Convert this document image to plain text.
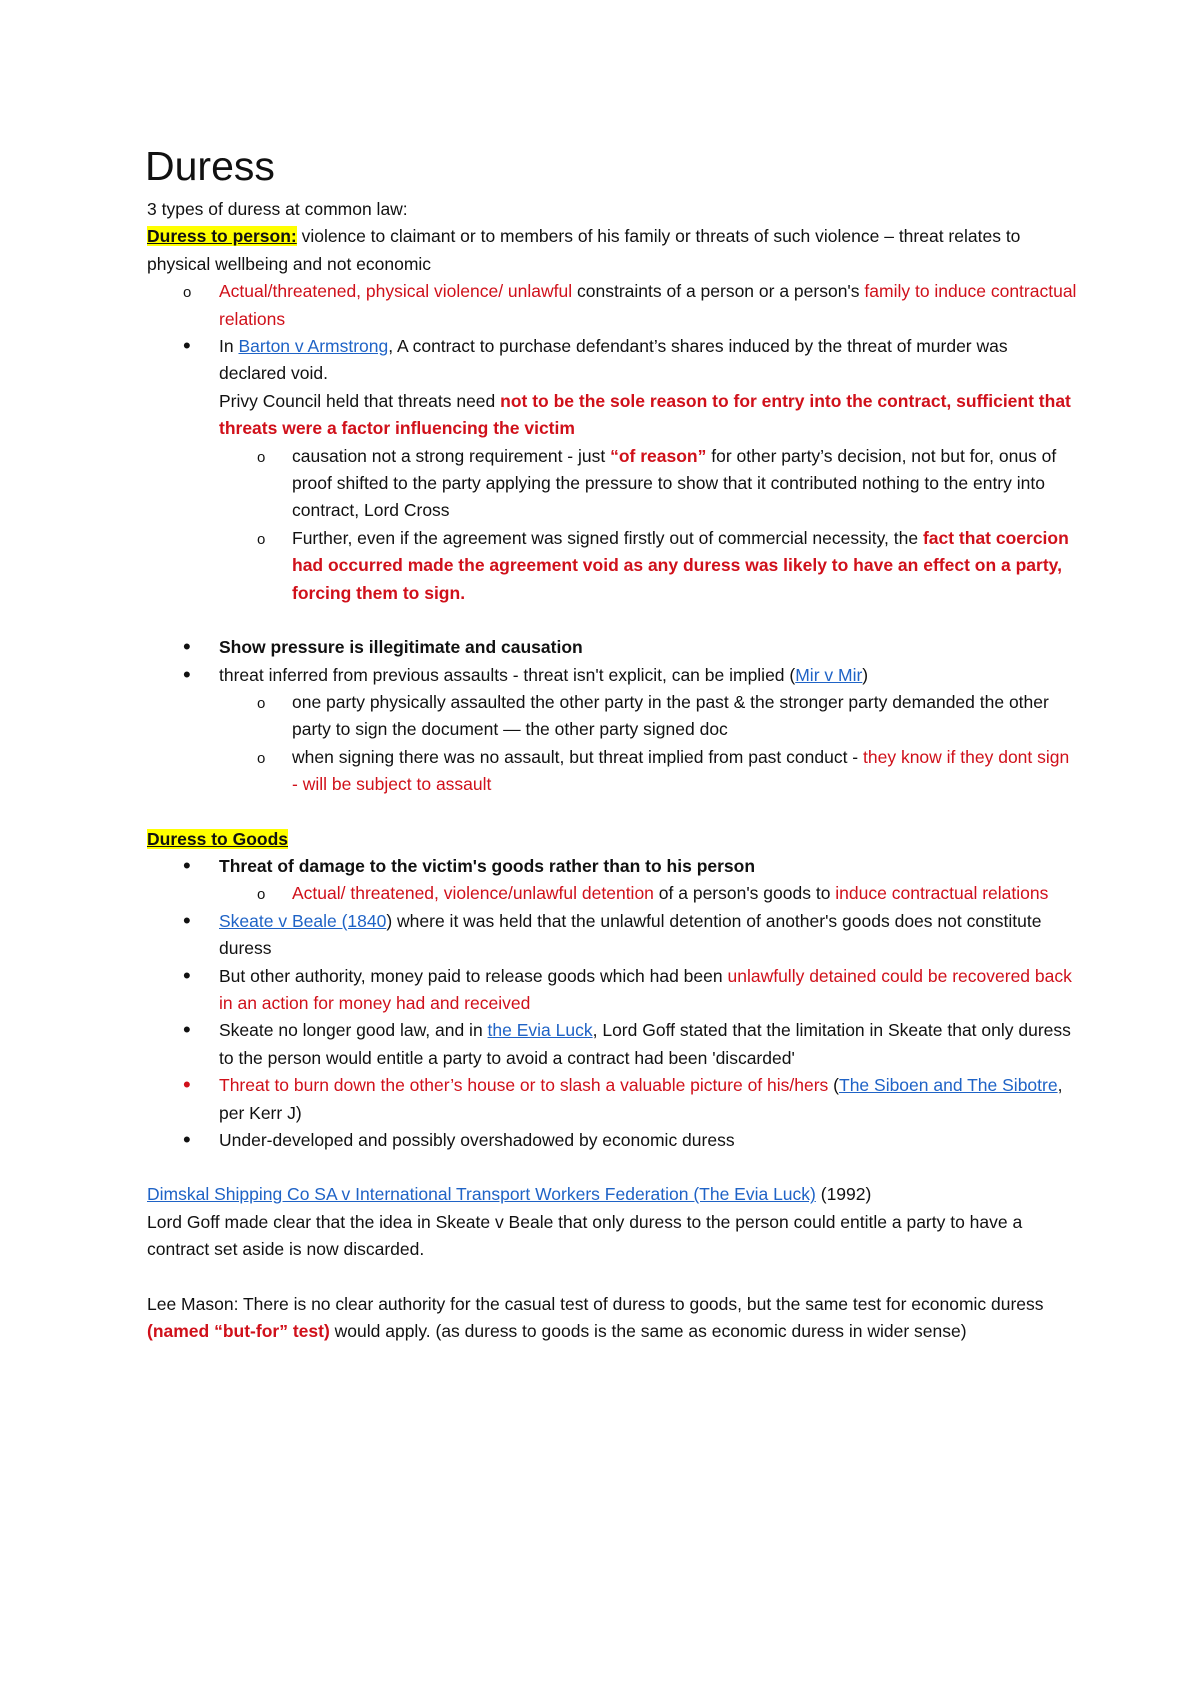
Duress

3 types of duress at common law:

Duress to person: violence to claimant or to members of his family or threats of such violence – threat relates to physical wellbeing and not economic

o
Actual/threatened, physical violence/ unlawful constraints of a person or a person's family to induce contractual relations

•
In Barton v Armstrong, A contract to purchase defendant’s shares induced by the threat of murder was declared void.
Privy Council held that threats need not to be the sole reason to for entry into the contract, sufficient that threats were a factor influencing the victim

o
causation not a strong requirement - just “of reason” for other party’s decision, not but for, onus of proof shifted to the party applying the pressure to show that it contributed nothing to the entry into contract, Lord Cross

o
Further, even if the agreement was signed firstly out of commercial necessity, the fact that coercion had occurred made the agreement void as any duress was likely to have an effect on a party, forcing them to sign.

•
Show pressure is illegitimate and causation

•
threat inferred from previous assaults - threat isn't explicit, can be implied (Mir v Mir)

o
one party physically assaulted the other party in the past & the stronger party demanded the other party to sign the document — the other party signed doc

o
when signing there was no assault, but threat implied from past conduct - they know if they dont sign - will be subject to assault

Duress to Goods

•
Threat of damage to the victim's goods rather than to his person

o
Actual/ threatened, violence/unlawful detention of a person's goods to induce contractual relations

•
Skeate v Beale (1840) where it was held that the unlawful detention of another's goods does not constitute duress

•
But other authority, money paid to release goods which had been unlawfully detained could be recovered back in an action for money had and received

•
Skeate no longer good law, and in the Evia Luck, Lord Goff stated that the limitation in Skeate that only duress to the person would entitle a party to avoid a contract had been 'discarded'

•
Threat to burn down the other’s house or to slash a valuable picture of his/hers (The Siboen and The Sibotre, per Kerr J)

•
Under-developed and possibly overshadowed by economic duress

Dimskal Shipping Co SA v International Transport Workers Federation (The Evia Luck) (1992)
Lord Goff made clear that the idea in Skeate v Beale that only duress to the person could entitle a party to have a contract set aside is now discarded.

Lee Mason: There is no clear authority for the casual test of duress to goods, but the same test for economic duress (named “but-for” test) would apply. (as duress to goods is the same as economic duress in wider sense)
